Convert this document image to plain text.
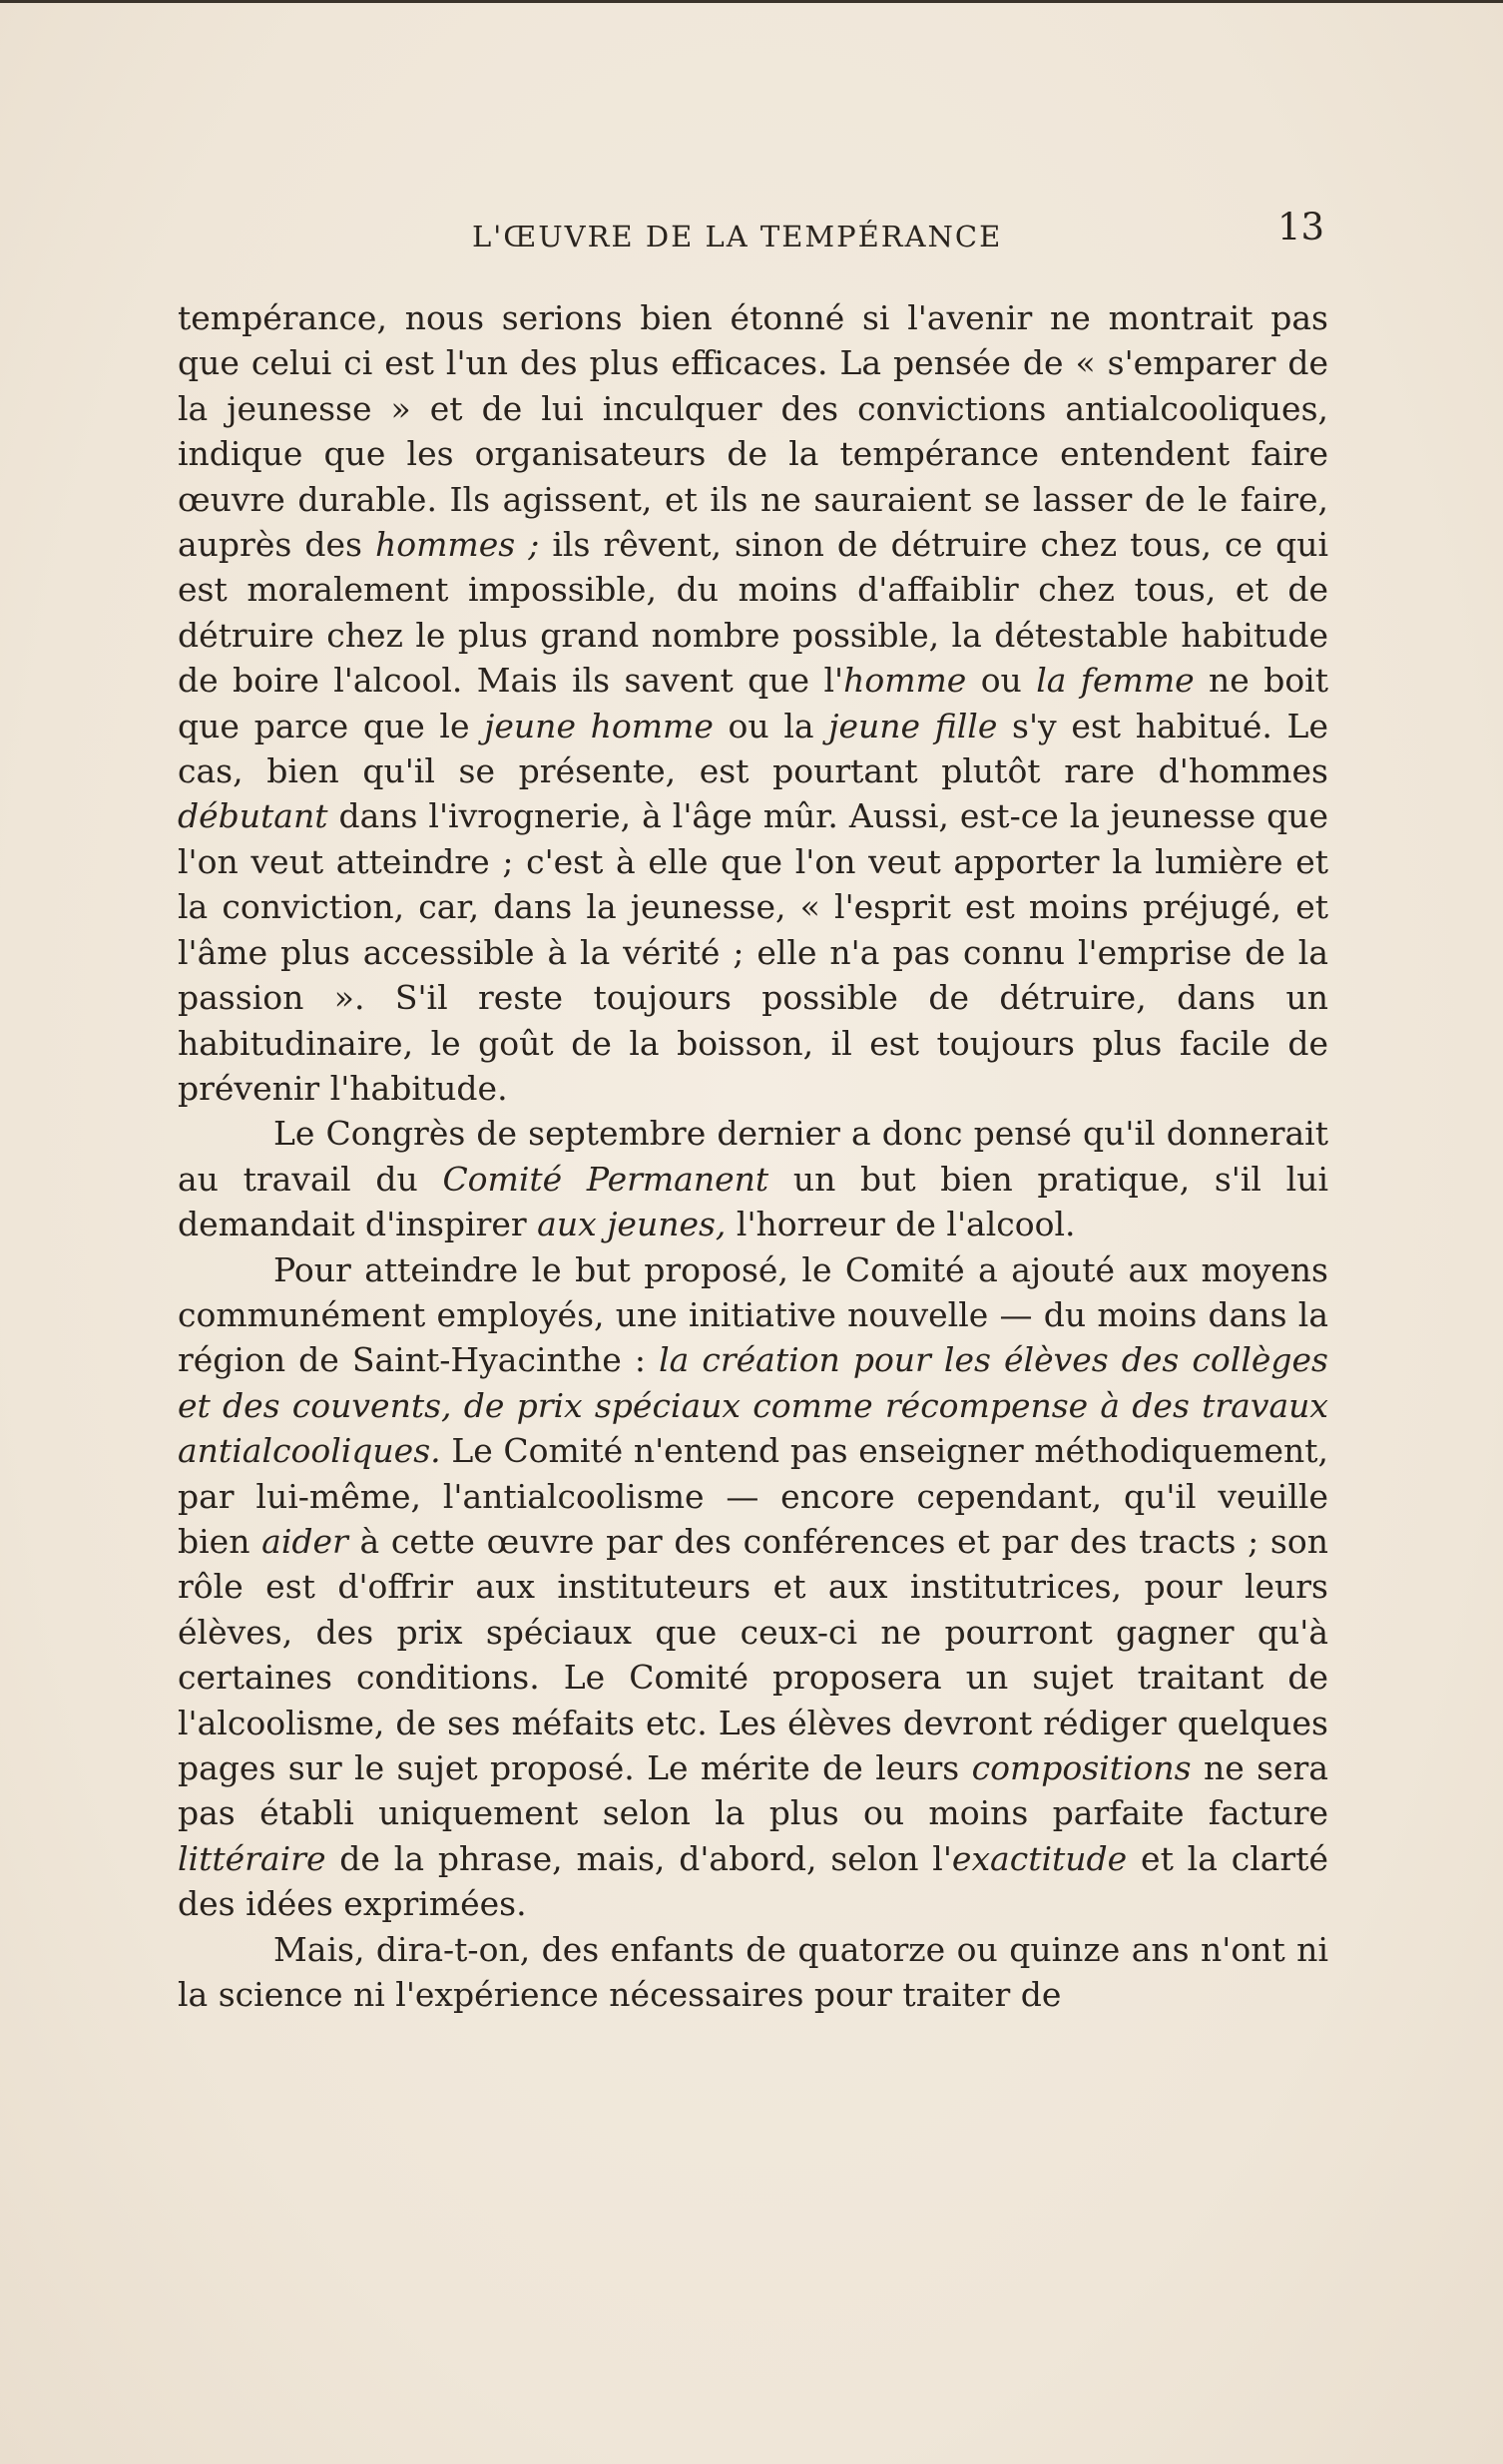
L'ŒUVRE DE LA TEMPÉRANCE	13

tempérance, nous serions bien étonné si l'avenir ne montrait pas que celui ci est l'un des plus efficaces. La pensée de « s'emparer de la jeunesse » et de lui inculquer des convictions antialcooliques, indique que les organisateurs de la tempérance entendent faire œuvre durable. Ils agissent, et ils ne sauraient se lasser de le faire, auprès des hommes ; ils rêvent, sinon de détruire chez tous, ce qui est moralement impossible, du moins d'affaiblir chez tous, et de détruire chez le plus grand nombre possible, la détestable habitude de boire l'alcool. Mais ils savent que l'homme ou la femme ne boit que parce que le jeune homme ou la jeune fille s'y est habitué. Le cas, bien qu'il se présente, est pourtant plutôt rare d'hommes débutant dans l'ivrognerie, à l'âge mûr. Aussi, est-ce la jeunesse que l'on veut atteindre ; c'est à elle que l'on veut apporter la lumière et la conviction, car, dans la jeunesse, « l'esprit est moins préjugé, et l'âme plus accessible à la vérité ; elle n'a pas connu l'emprise de la passion ». S'il reste toujours possible de détruire, dans un habitudinaire, le goût de la boisson, il est toujours plus facile de prévenir l'habitude.

Le Congrès de septembre dernier a donc pensé qu'il donnerait au travail du Comité Permanent un but bien pratique, s'il lui demandait d'inspirer aux jeunes, l'horreur de l'alcool.

Pour atteindre le but proposé, le Comité a ajouté aux moyens communément employés, une initiative nouvelle — du moins dans la région de Saint-Hyacinthe : la création pour les élèves des collèges et des couvents, de prix spéciaux comme récompense à des travaux antialcooliques. Le Comité n'entend pas enseigner méthodiquement, par lui-même, l'antialcoolisme — encore cependant, qu'il veuille bien aider à cette œuvre par des conférences et par des tracts ; son rôle est d'offrir aux instituteurs et aux institutrices, pour leurs élèves, des prix spéciaux que ceux-ci ne pourront gagner qu'à certaines conditions. Le Comité proposera un sujet traitant de l'alcoolisme, de ses méfaits etc. Les élèves devront rédiger quelques pages sur le sujet proposé. Le mérite de leurs compositions ne sera pas établi uniquement selon la plus ou moins parfaite facture littéraire de la phrase, mais, d'abord, selon l'exactitude et la clarté des idées exprimées.

Mais, dira-t-on, des enfants de quatorze ou quinze ans n'ont ni la science ni l'expérience nécessaires pour traiter de
